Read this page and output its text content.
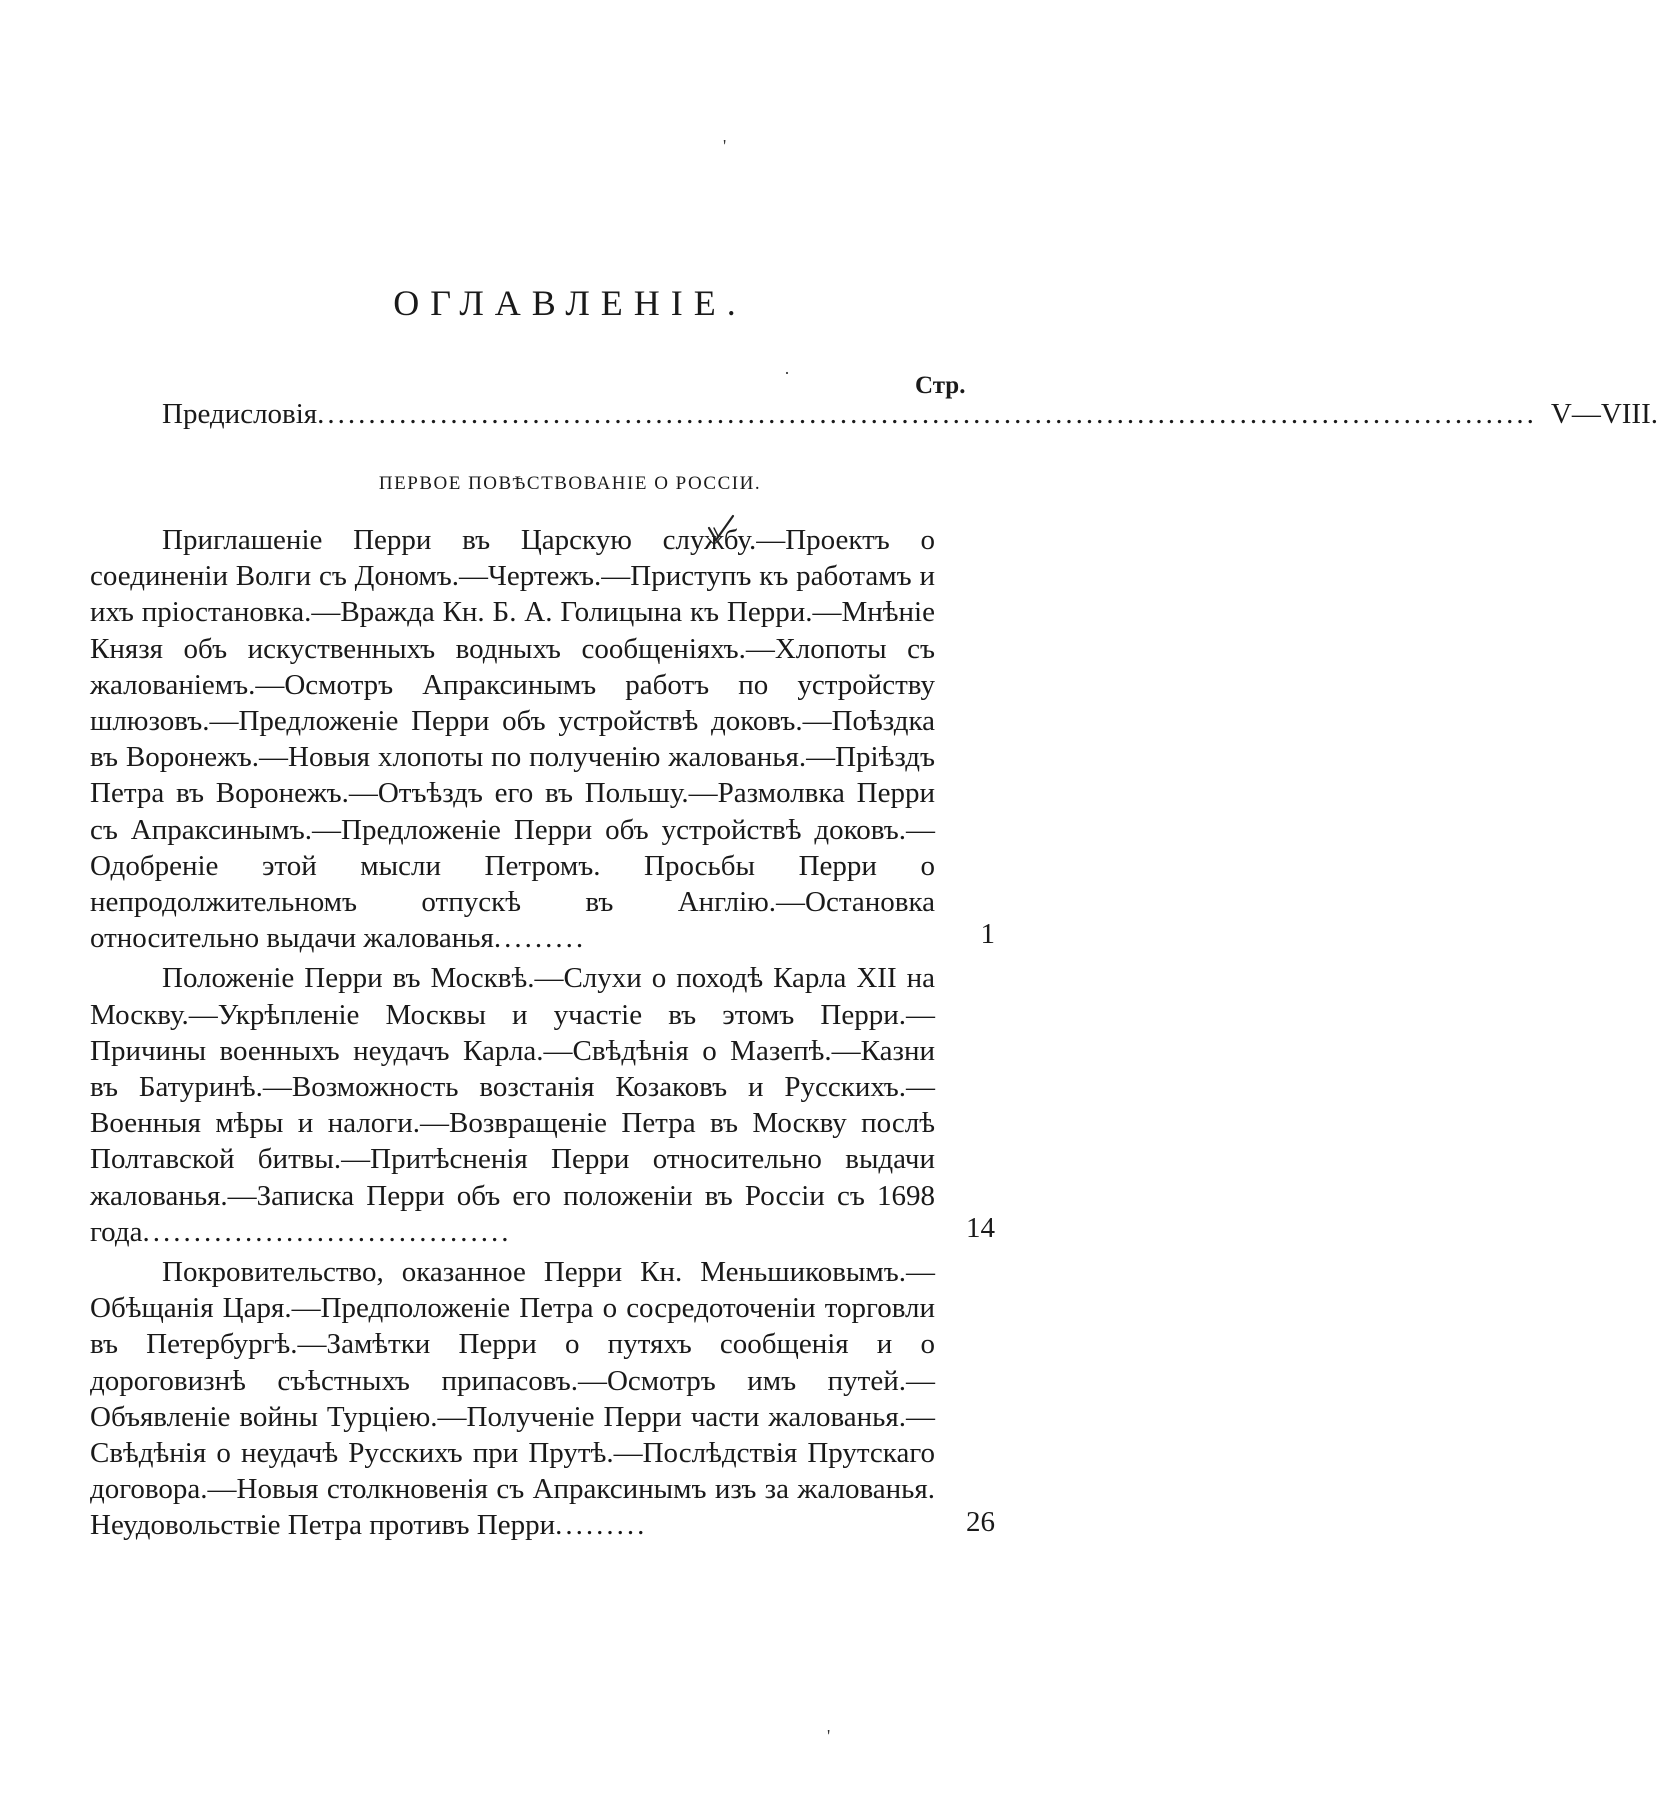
'
·
'
ОГЛАВЛЕНIЕ.
Стр.
Предисловiя ....................................................................................................................... V—VIII.
ПЕРВОЕ ПОВѢСТВОВАНIЕ О РОССIИ.

Приглашенiе Перри въ Царскую службу.—Проектъ о соединенiи Волги съ Дономъ.—Чертежъ.—Приступъ къ работамъ и ихъ прiостановка.—Вражда Кн. Б. А. Голицына къ Перри.—Мнѣнiе Князя объ искуственныхъ водныхъ сообщенiяхъ.—Хлопоты съ жалованiемъ.—Осмотръ Апраксинымъ работъ по устройству шлюзовъ.—Предложенiе Перри объ устройствѣ доковъ.—Поѣздка въ Воронежъ.—Новыя хлопоты по полученiю жалованья.—Прiѣздъ Петра въ Воронежъ.—Отъѣздъ его въ Польшу.—Размолвка Перри съ Апраксинымъ.—Предложенiе Перри объ устройствѣ доковъ.—Одобренiе этой мысли Петромъ. Просьбы Перри о непродолжительномъ отпускѣ въ Англiю.—Остановка относительно выдачи жалованья.........	1

Положенiе Перри въ Москвѣ.—Слухи о походѣ Карла XII на Москву.—Укрѣпленiе Москвы и участiе въ этомъ Перри.—Причины военныхъ неудачъ Карла.—Свѣдѣнiя о Мазепѣ.—Казни въ Батуринѣ.—Возможность возстанiя Козаковъ и Русскихъ.—Военныя мѣры и налоги.—Возвращенiе Петра въ Москву послѣ Полтавской битвы.—Притѣсненiя Перри относительно выдачи жалованья.—Записка Перри объ его положенiи въ Россiи съ 1698 года....................................	14

Покровительство, оказанное Перри Кн. Меньшиковымъ.—Обѣщанiя Царя.—Предположенiе Петра о сосредоточенiи торговли въ Петербургѣ.—Замѣтки Перри о путяхъ сообщенiя и о дороговизнѣ съѣстныхъ припасовъ.—Осмотръ имъ путей.—Объявленiе войны Турцiею.—Полученiе Перри части жалованья.—Свѣдѣнiя о неудачѣ Русскихъ при Прутѣ.—Послѣдствiя Прутскаго договора.—Новыя столкновенiя съ Апраксинымъ изъ за жалованья. Неудовольствiе Петра противъ Перри.........	26
